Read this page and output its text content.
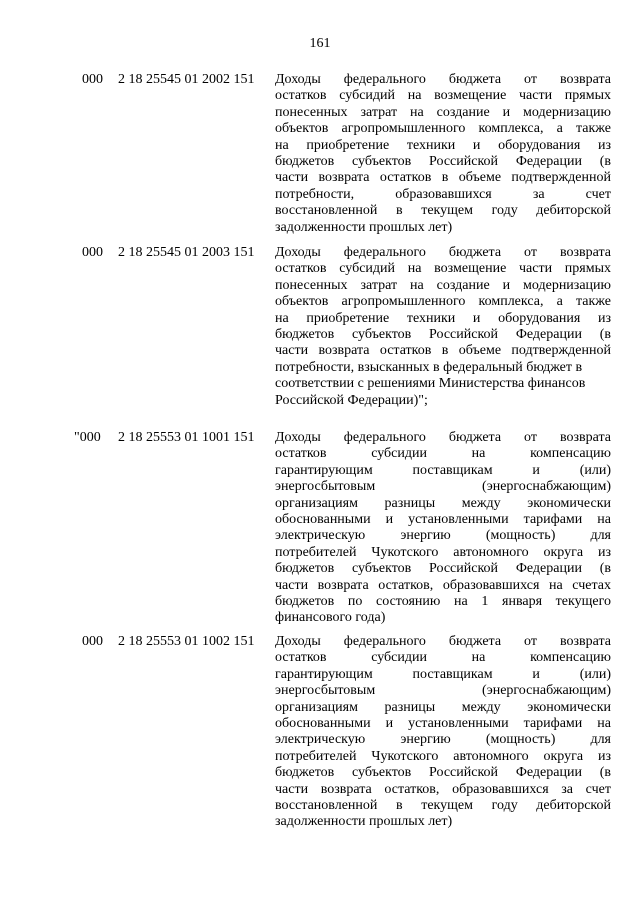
161
000	2 18 25545 01 2002 151	Доходы федерального бюджета от возврата
остатков субсидий на возмещение части прямых
понесенных затрат на создание и модернизацию
объектов агропромышленного комплекса, а также
на приобретение техники и оборудования из
бюджетов субъектов Российской Федерации (в
части возврата остатков в объеме подтвержденной
потребности, образовавшихся за счет
восстановленной в текущем году дебиторской
задолженности прошлых лет)
000	2 18 25545 01 2003 151	Доходы федерального бюджета от возврата
остатков субсидий на возмещение части прямых
понесенных затрат на создание и модернизацию
объектов агропромышленного комплекса, а также
на приобретение техники и оборудования из
бюджетов субъектов Российской Федерации (в
части возврата остатков в объеме подтвержденной
потребности, взысканных в федеральный бюджет в
соответствии с решениями Министерства финансов
Российской Федерации)";
"000 2 18 25553 01 1001 151	Доходы федерального бюджета от возврата
остатков субсидии на компенсацию
гарантирующим поставщикам и (или)
энергосбытовым (энергоснабжающим)
организациям разницы между экономически
обоснованными и установленными тарифами на
электрическую энергию (мощность) для
потребителей Чукотского автономного округа из
бюджетов субъектов Российской Федерации (в
части возврата остатков, образовавшихся на счетах
бюджетов по состоянию на 1 января текущего
финансового года)
000	2 18 25553 01 1002 151	Доходы федерального бюджета от возврата
остатков субсидии на компенсацию
гарантирующим поставщикам и (или)
энергосбытовым (энергоснабжающим)
организациям разницы между экономически
обоснованными и установленными тарифами на
электрическую энергию (мощность) для
потребителей Чукотского автономного округа из
бюджетов субъектов Российской Федерации (в
части возврата остатков, образовавшихся за счет
восстановленной в текущем году дебиторской
задолженности прошлых лет)
